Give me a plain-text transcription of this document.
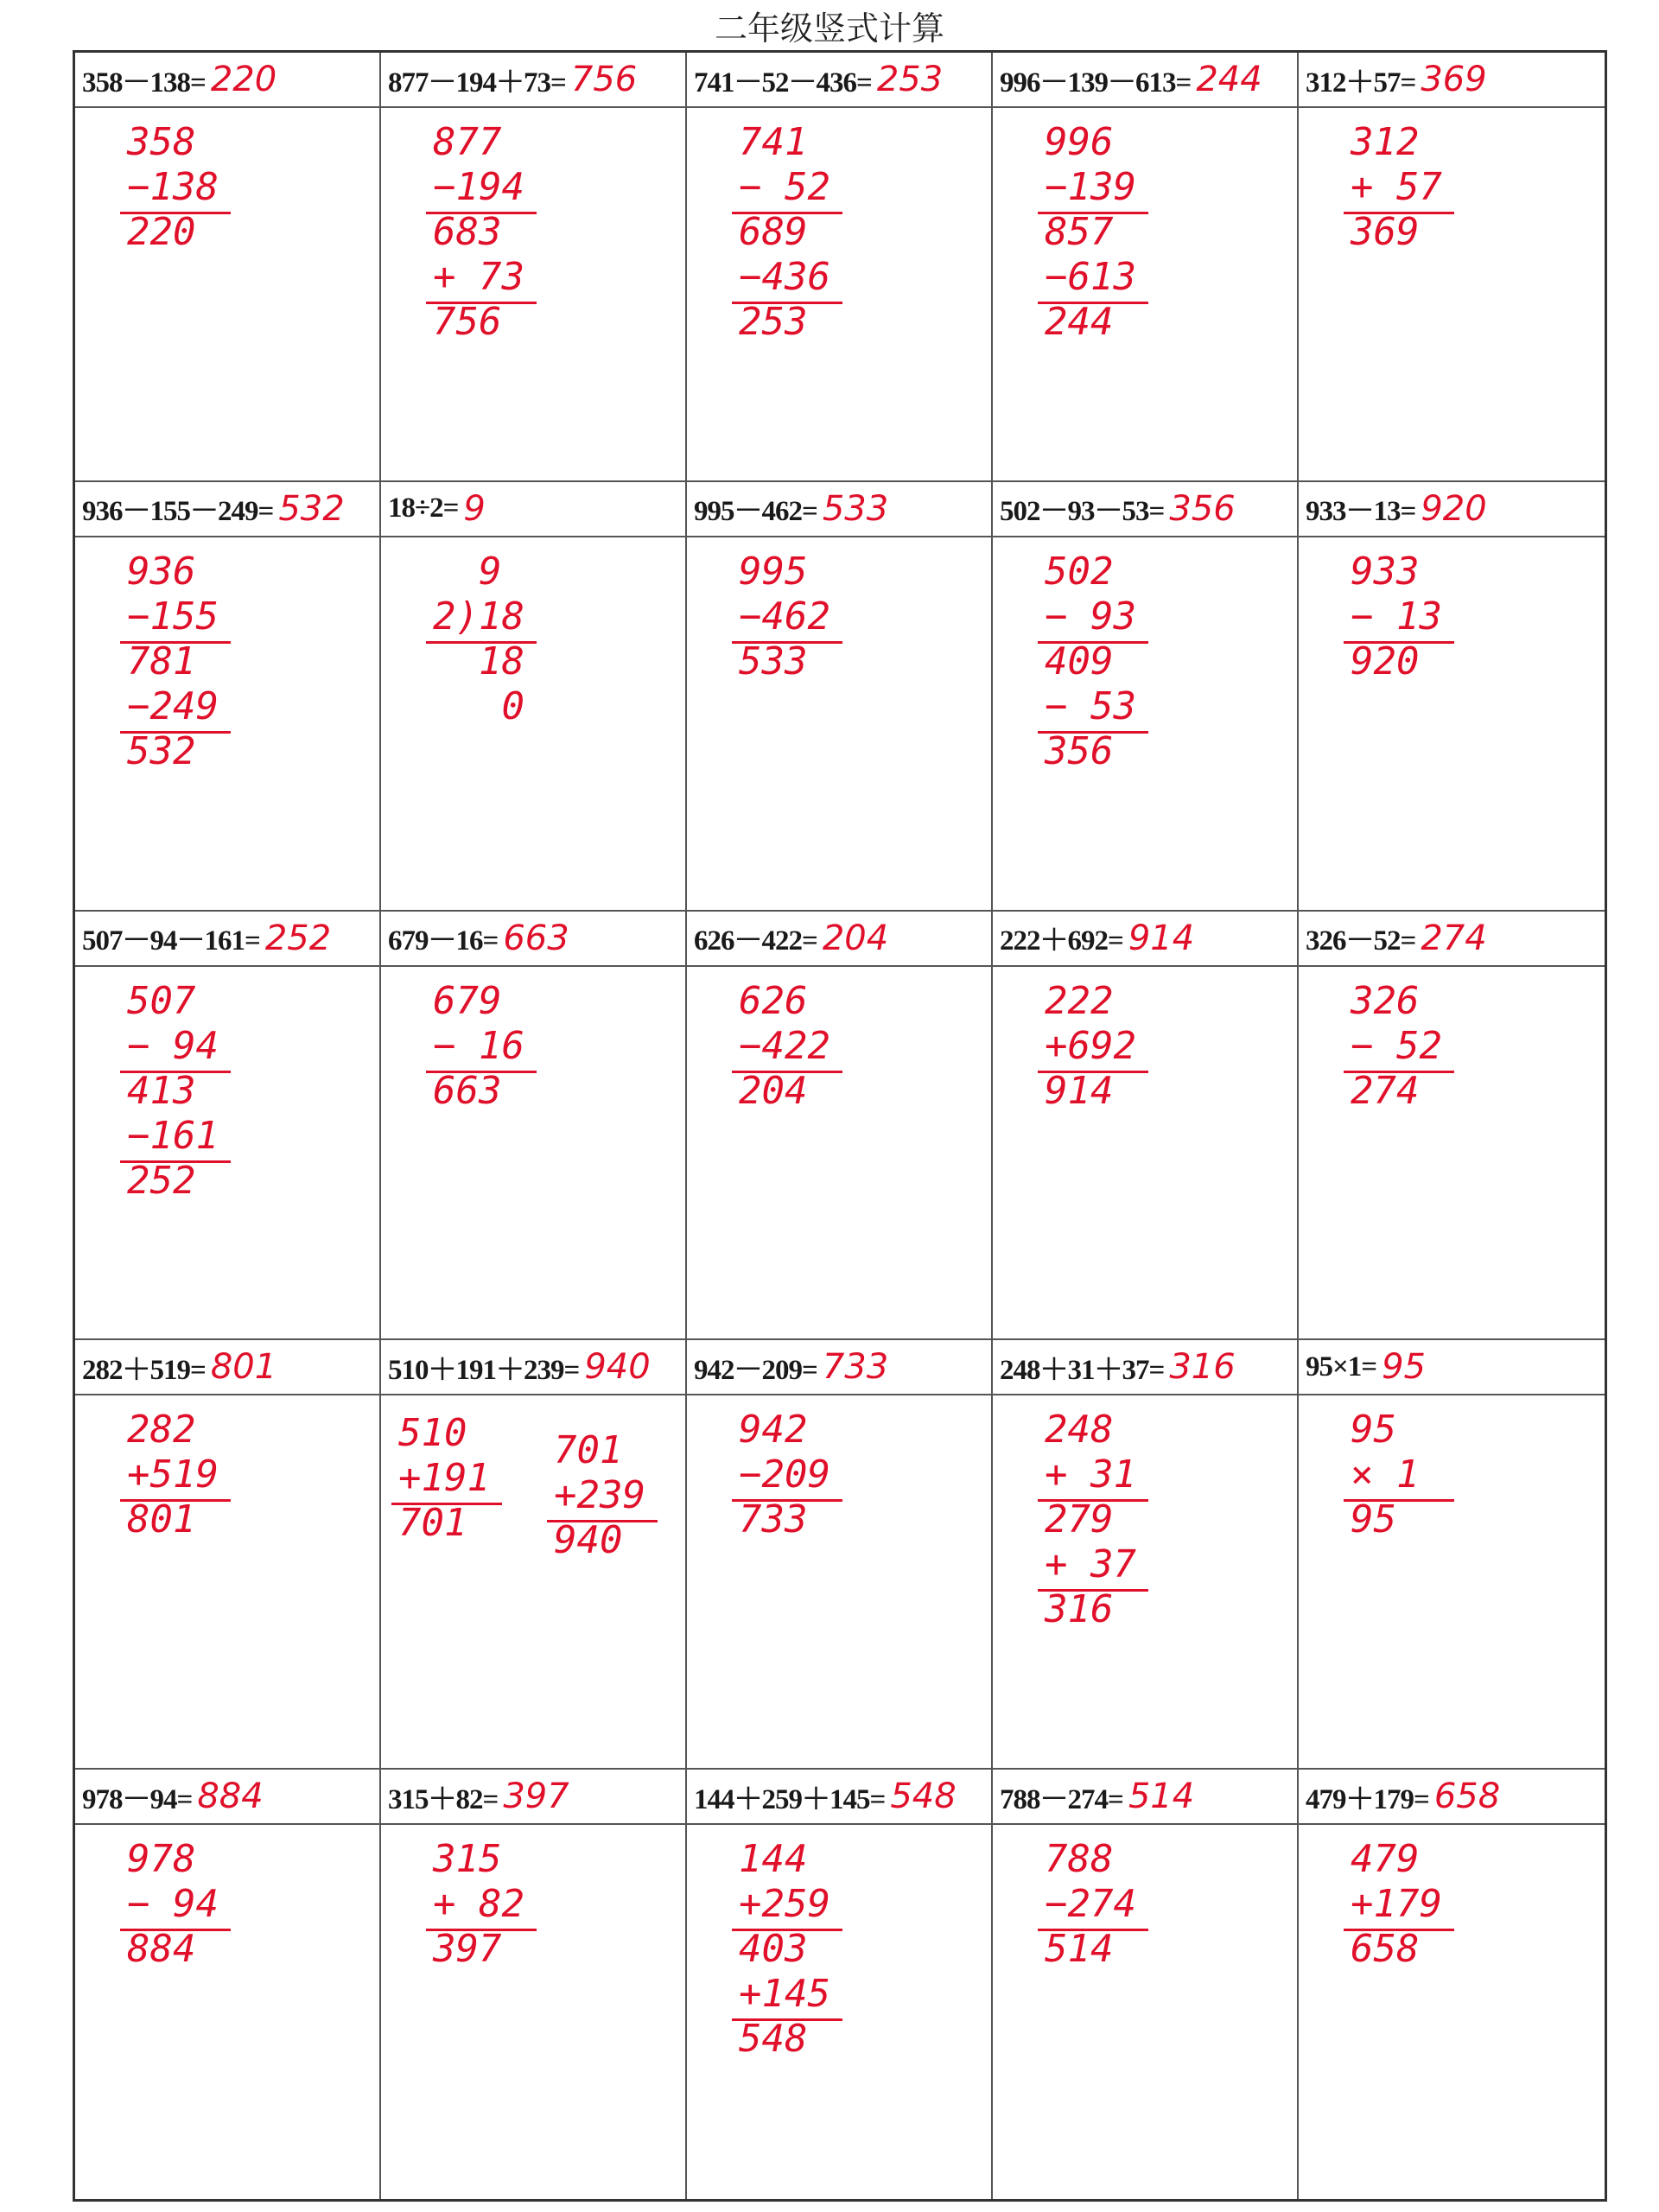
二年级竖式计算
358－138= 220
358
−138
220
877－194＋73= 756
877
−194
683
+ 73
756
741－52－436= 253
741
− 52
689
−436
253
996－139－613= 244
996
−139
857
−613
244
312＋57= 369
312
+ 57
369
936－155－249= 532
936
−155
781
−249
532
18÷2= 9
9
2)18
18
0
995－462= 533
995
−462
533
502－93－53= 356
502
− 93
409
− 53
356
933－13= 920
933
− 13
920
507－94－161= 252
507
− 94
413
−161
252
679－16= 663
679
− 16
663
626－422= 204
626
−422
204
222＋692= 914
222
+692
914
326－52= 274
326
− 52
274
282＋519= 801
282
+519
801
510＋191＋239= 940
510
+191
701
701
+239
940
942－209= 733
942
−209
733
248＋31＋37= 316
248
+ 31
279
+ 37
316
95×1= 95
95
× 1
95
978－94= 884
978
− 94
884
315＋82= 397
315
+ 82
397
144＋259＋145= 548
144
+259
403
+145
548
788－274= 514
788
−274
514
479＋179= 658
479
+179
658
